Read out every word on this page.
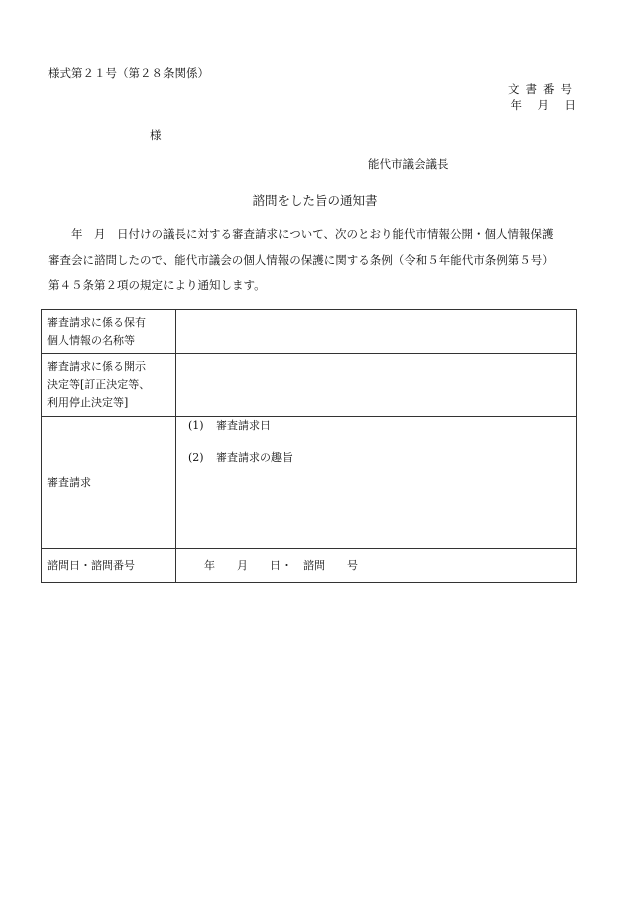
様式第２１号（第２８条関係）
文書番号
年　月　日
様
能代市議会議長
諮問をした旨の通知書
　　年　月　日付けの議長に対する審査請求について、次のとおり能代市情報公開・個人情報保護
審査会に諮問したので、能代市議会の個人情報の保護に関する条例（令和５年能代市条例第５号）
第４５条第２項の規定により通知します。
審査請求に係る保有
個人情報の名称等	

審査請求に係る開示
決定等[訂正決定等、
利用停止決定等]	

審査請求	(1) 審査請求日
(2) 審査請求の趣旨

諮問日・諮問番号	年　　月　　日・　諮問　　号
